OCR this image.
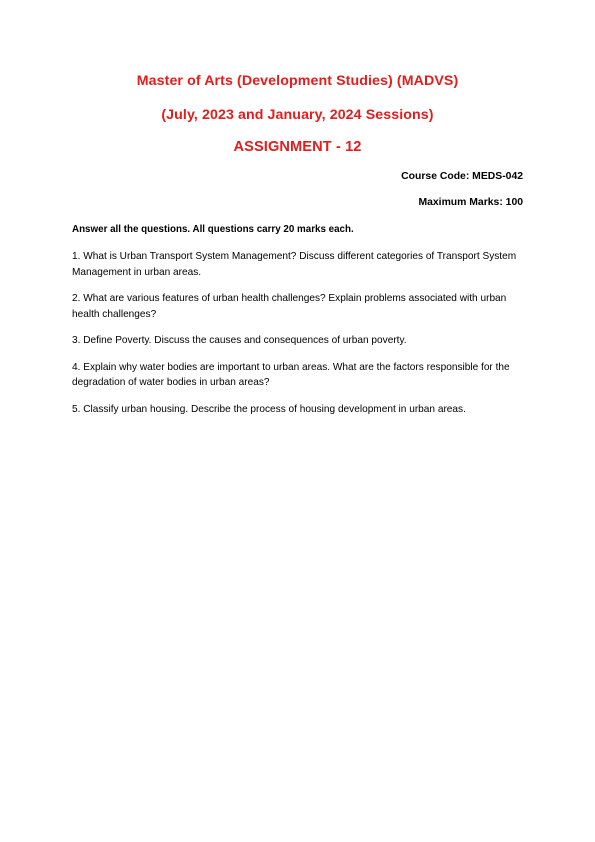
Master of Arts (Development Studies) (MADVS)
(July, 2023 and January, 2024 Sessions)
ASSIGNMENT - 12
Course Code: MEDS-042
Maximum Marks: 100
Answer all the questions. All questions carry 20 marks each.
1. What is Urban Transport System Management? Discuss different categories of Transport System Management in urban areas.
2. What are various features of urban health challenges? Explain problems associated with urban health challenges?
3. Define Poverty. Discuss the causes and consequences of urban poverty.
4. Explain why water bodies are important to urban areas. What are the factors responsible for the degradation of water bodies in urban areas?
5. Classify urban housing. Describe the process of housing development in urban areas.
